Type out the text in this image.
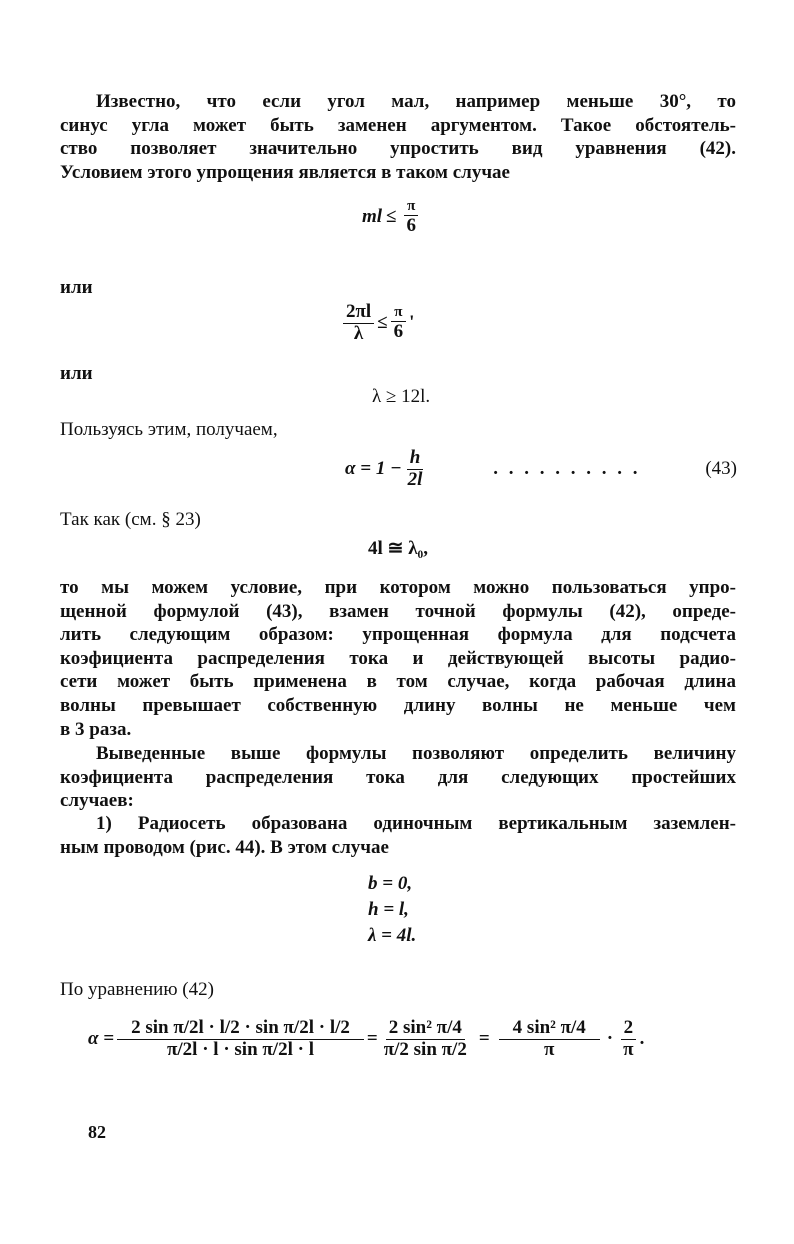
Известно, что если угол мал, например меньше 30°, то
синус угла может быть заменен аргументом. Такое обстоятель-
ство позволяет значительно упростить вид уравнения (42).
Условием этого упрощения является в таком случае
ml ≤ $\frac{\pi}{6}$
или
$\frac{2\pi l}{\lambda} \le \frac{\pi}{6}$ '
или
λ ≥ 12l.
Пользуясь этим, получаем,
$\alpha = 1 - \frac{h}{2l}$	. . . . . . . . . .	(43)
Так как (см. § 23)
4l ≅ λ₀,
то мы можем условие, при котором можно пользоваться упро-
щенной формулой (43), взамен точной формулы (42), опреде-
лить следующим образом: упрощенная формула для подсчета
коэфициента распределения тока и действующей высоты радио-
сети может быть применена в том случае, когда рабочая длина
волны превышает собственную длину волны не меньше чем
в 3 раза.
Выведенные выше формулы позволяют определить величину
коэфициента распределения тока для следующих простейших
случаев:
1) Радиосеть образована одиночным вертикальным заземлен-
ным проводом (рис. 44). В этом случае
b = 0,
h = l,
λ = 4l.
По уравнению (42)
$\alpha = \frac{\text{2 sin π/2l · l/2 · sin π/2l · l/2}}{\text{π/2l · l · sin π/2l · l}} = \frac{\text{2 sin² π/4}}{\text{π/2 sin π/2}} = \frac{\text{4 sin² π/4}}{\pi} \cdot \frac{2}{\pi}$ .
82
